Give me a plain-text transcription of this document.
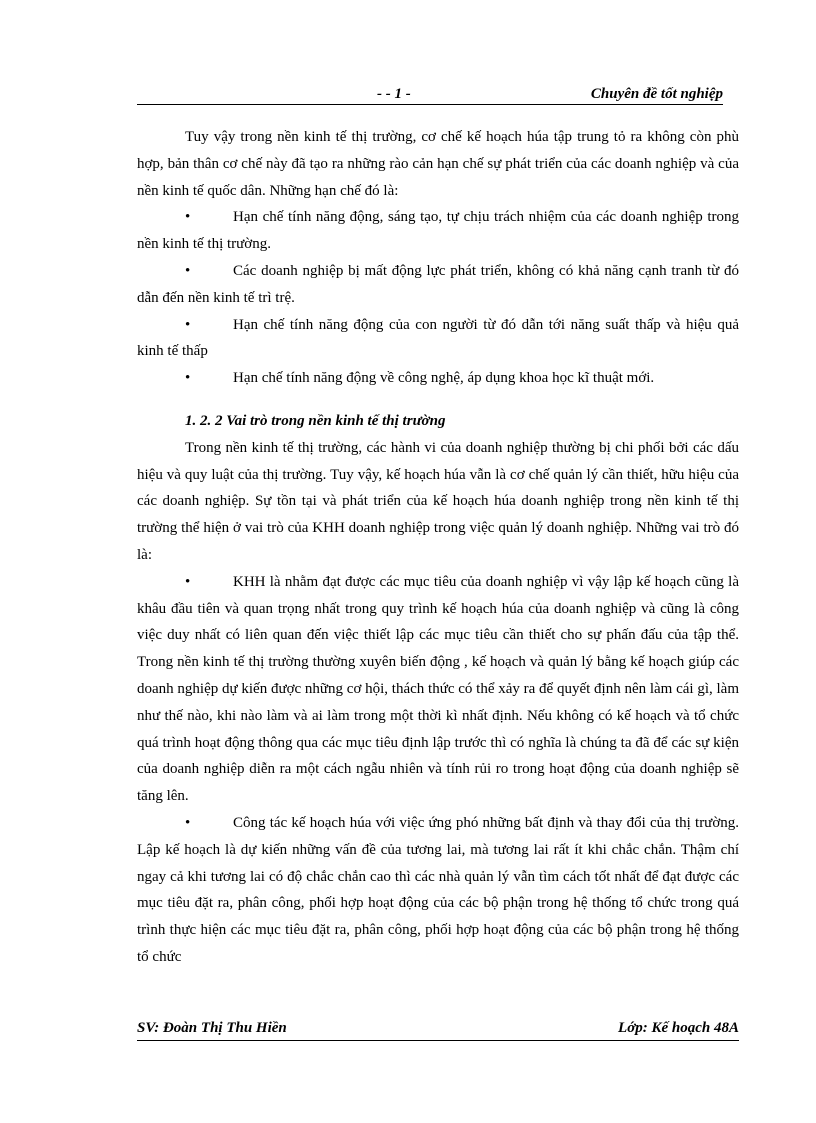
- - 1 -	Chuyên đề tốt nghiệp

Tuy vậy trong nền kinh tế thị trường, cơ chế kế hoạch húa tập trung tỏ ra không còn phù hợp, bản thân cơ chế này đã tạo ra những rào cản hạn chế sự phát triển của các doanh nghiệp và của nền kinh tế quốc dân. Những hạn chế đó là:

•	Hạn chế tính năng động, sáng tạo, tự chịu trách nhiệm của các doanh nghiệp trong nền kinh tế thị trường.

•	Các doanh nghiệp bị mất động lực phát triển, không có khả năng cạnh tranh từ đó dẫn đến nền kinh tế trì trệ.

•	Hạn chế tính năng động của con người từ đó dẫn tới năng suất thấp và hiệu quả kinh tế thấp

•	Hạn chế tính năng động về công nghệ, áp dụng khoa học kĩ thuật mới.

1. 2. 2 Vai trò trong nền kinh tế thị trường

Trong nền kinh tế thị trường, các hành vi của doanh nghiệp thường bị chi phối bởi các dấu hiệu và quy luật của thị trường. Tuy vậy, kế hoạch húa vẫn là cơ chế quản lý cần thiết, hữu hiệu của các doanh nghiệp. Sự tồn tại và phát triển của kế hoạch húa doanh nghiệp trong nền kinh tế thị trường thể hiện ở vai trò của KHH doanh nghiệp trong việc quản lý doanh nghiệp. Những vai trò đó là:

•	KHH là nhằm đạt được các mục tiêu của doanh nghiệp vì vậy lập kế hoạch cũng là khâu đầu tiên và quan trọng nhất trong quy trình kế hoạch húa của doanh nghiệp và cũng là công việc duy nhất có liên quan đến việc thiết lập các mục tiêu cần thiết cho sự phấn đấu của tập thể. Trong nền kinh tế thị trường thường xuyên biến động , kế hoạch và quản lý bằng kế hoạch giúp các doanh nghiệp dự kiến được những cơ hội, thách thức có thể xảy ra để quyết định nên làm cái gì, làm như thế nào, khi nào làm và ai làm trong một thời kì nhất định. Nếu không có kế hoạch và tổ chức quá trình hoạt động thông qua các mục tiêu định lập trước thì có nghĩa là chúng ta đã để các sự kiện của doanh nghiệp diễn ra một cách ngẫu nhiên và tính rủi ro trong hoạt động của doanh nghiệp sẽ tăng lên.

•	Công tác kế hoạch húa với việc ứng phó những bất định và thay đổi của thị trường. Lập kế hoạch là dự kiến những vấn đề của tương lai, mà tương lai rất ít khi chắc chắn. Thậm chí ngay cả khi tương lai có độ chắc chắn cao thì các nhà quản lý vẫn tìm cách tốt nhất để đạt được các mục tiêu đặt ra, phân công, phối hợp hoạt động của các bộ phận trong hệ thống tổ chức trong quá trình thực hiện các mục tiêu đặt ra, phân công, phối hợp hoạt động của các bộ phận trong hệ thống tổ chức

SV: Đoàn Thị Thu Hiền	Lớp: Kế hoạch 48A
